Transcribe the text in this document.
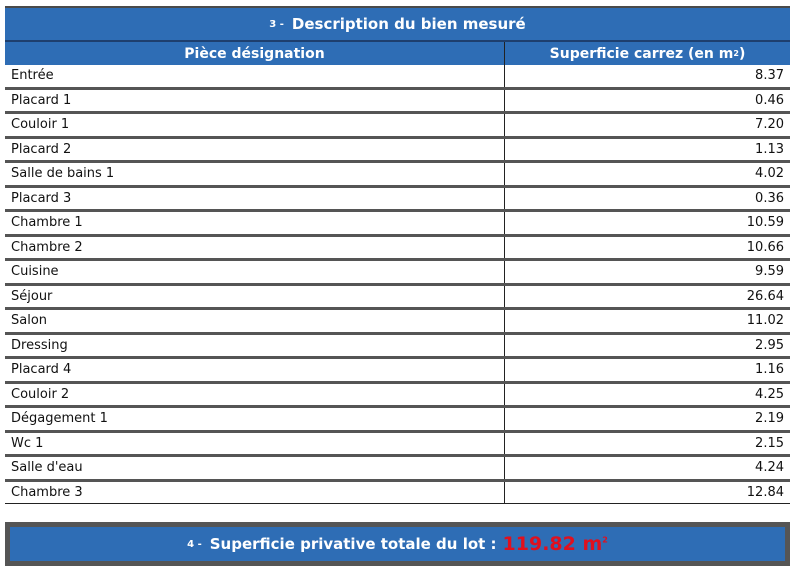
3 - Description du bien mesuré
Pièce désignation	Superficie carrez (en m 2 )
Entrée	8.37
Placard 1	0.46
Couloir 1	7.20
Placard 2	1.13
Salle de bains 1	4.02
Placard 3	0.36
Chambre 1	10.59
Chambre 2	10.66
Cuisine	9.59
Séjour	26.64
Salon	11.02
Dressing	2.95
Placard 4	1.16
Couloir 2	4.25
Dégagement 1	2.19
Wc 1	2.15
Salle d'eau	4.24
Chambre 3	12.84
4 - Superficie privative totale du lot : 119.82 $m^2$
